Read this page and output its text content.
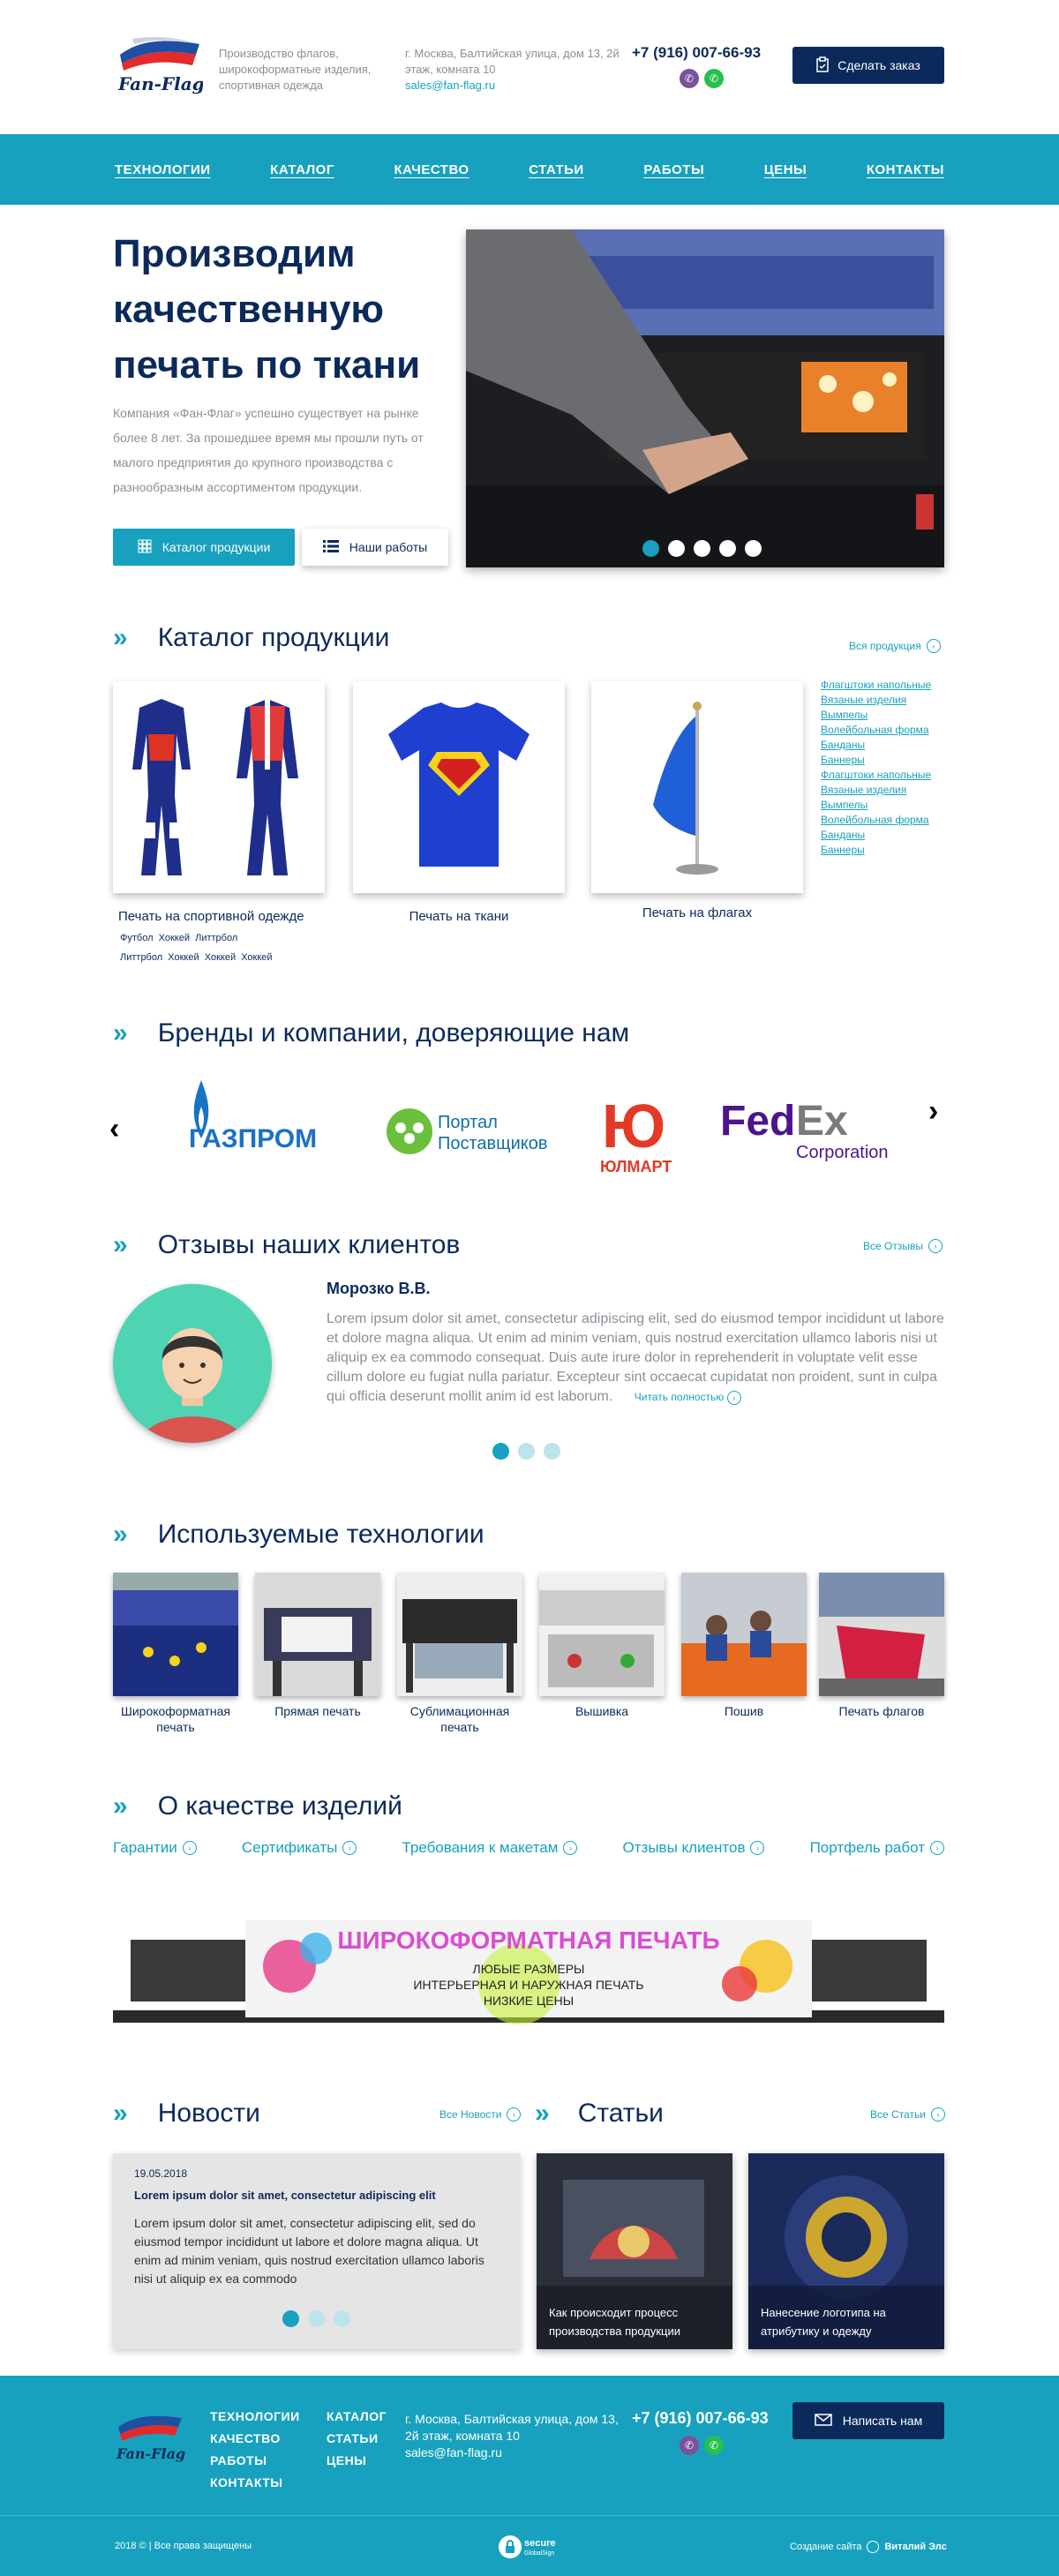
Fan-Flag
Производство флагов, широкоформатные изделия, спортивная одежда
г. Москва, Балтийская улица, дом 13, 2й этаж, комната 10
sales@fan-flag.ru
+7 (916) 007-66-93
✆	✆
Сделать заказ
ТЕХНОЛОГИИ	КАТАЛОГ	КАЧЕСТВО	СТАТЬИ	РАБОТЫ	ЦЕНЫ	КОНТАКТЫ
Производим качественную печать по ткани

Компания «Фан-Флаг» успешно существует на рынке более 8 лет. За прошедшее время мы прошли путь от малого предприятия до крупного производства с разнообразным ассортиментом продукции.

Каталог продукции	Наши работы
» Каталог продукции	Вся продукция	›
Печать на спортивной одежде
Футбол Хоккей Литтрбол
Литтрбол Хоккей Хоккей Хоккей
Печать на ткани	Печать на флагах
Флагштоки напольные
Вязаные изделия
Вымпелы
Волейбольная форма
Банданы
Баннеры
Флагштоки напольные
Вязаные изделия
Вымпелы
Волейбольная форма
Банданы
Баннеры
» Бренды и компании, доверяющие нам
‹
›
ГАЗПРОМ
Портал
Поставщиков Ю
ЮЛМАРТ
Fed Ex
Corporation
» Отзывы наших клиентов	Все Отзывы	›
Морозко В.В.
Lorem ipsum dolor sit amet, consectetur adipiscing elit, sed do eiusmod tempor incididunt ut labore et dolore magna aliqua. Ut enim ad minim veniam, quis nostrud exercitation ullamco laboris nisi ut aliquip ex ea commodo consequat. Duis aute irure dolor in reprehenderit in voluptate velit esse cillum dolore eu fugiat nulla pariatur. Excepteur sint occaecat cupidatat non proident, sunt in culpa qui officia deserunt mollit anim id est laborum. Читать полностью ›
» Используемые технологии
Широкоформатная печать
Прямая печать	Сублимационная печать
Вышивка	Пошив	Печать флагов
» О качестве изделий
Гарантии	›	Сертификаты	›	Требования к макетам	›	Отзывы клиентов	›	Портфель работ	›
ШИРОКОФОРМАТНАЯ ПЕЧАТЬ
ЛЮБЫЕ РАЗМЕРЫ
ИНТЕРЬЕРНАЯ И НАРУЖНАЯ ПЕЧАТЬ
НИЗКИЕ ЦЕНЫ
» Новости	Все Новости	› » Статьи	Все Статьи	›
19.05.2018
Lorem ipsum dolor sit amet, consectetur adipiscing elit
Lorem ipsum dolor sit amet, consectetur adipiscing elit, sed do eiusmod tempor incididunt ut labore et dolore magna aliqua. Ut enim ad minim veniam, quis nostrud exercitation ullamco laboris nisi ut aliquip ex ea commodo
Как происходит процесс производства продукции
Нанесение логотипа на атрибутику и одежду
Fan-Flag
ТЕХНОЛОГИИ
КАЧЕСТВО
РАБОТЫ
КОНТАКТЫ
КАТАЛОГ
СТАТЬИ
ЦЕНЫ
г. Москва, Балтийская улица, дом 13, 2й этаж, комната 10
sales@fan-flag.ru
+7 (916) 007-66-93
✆	✆
Написать нам
2018 © | Все права защищены	secure
GlobalSign
Создание сайта Виталий Элс
